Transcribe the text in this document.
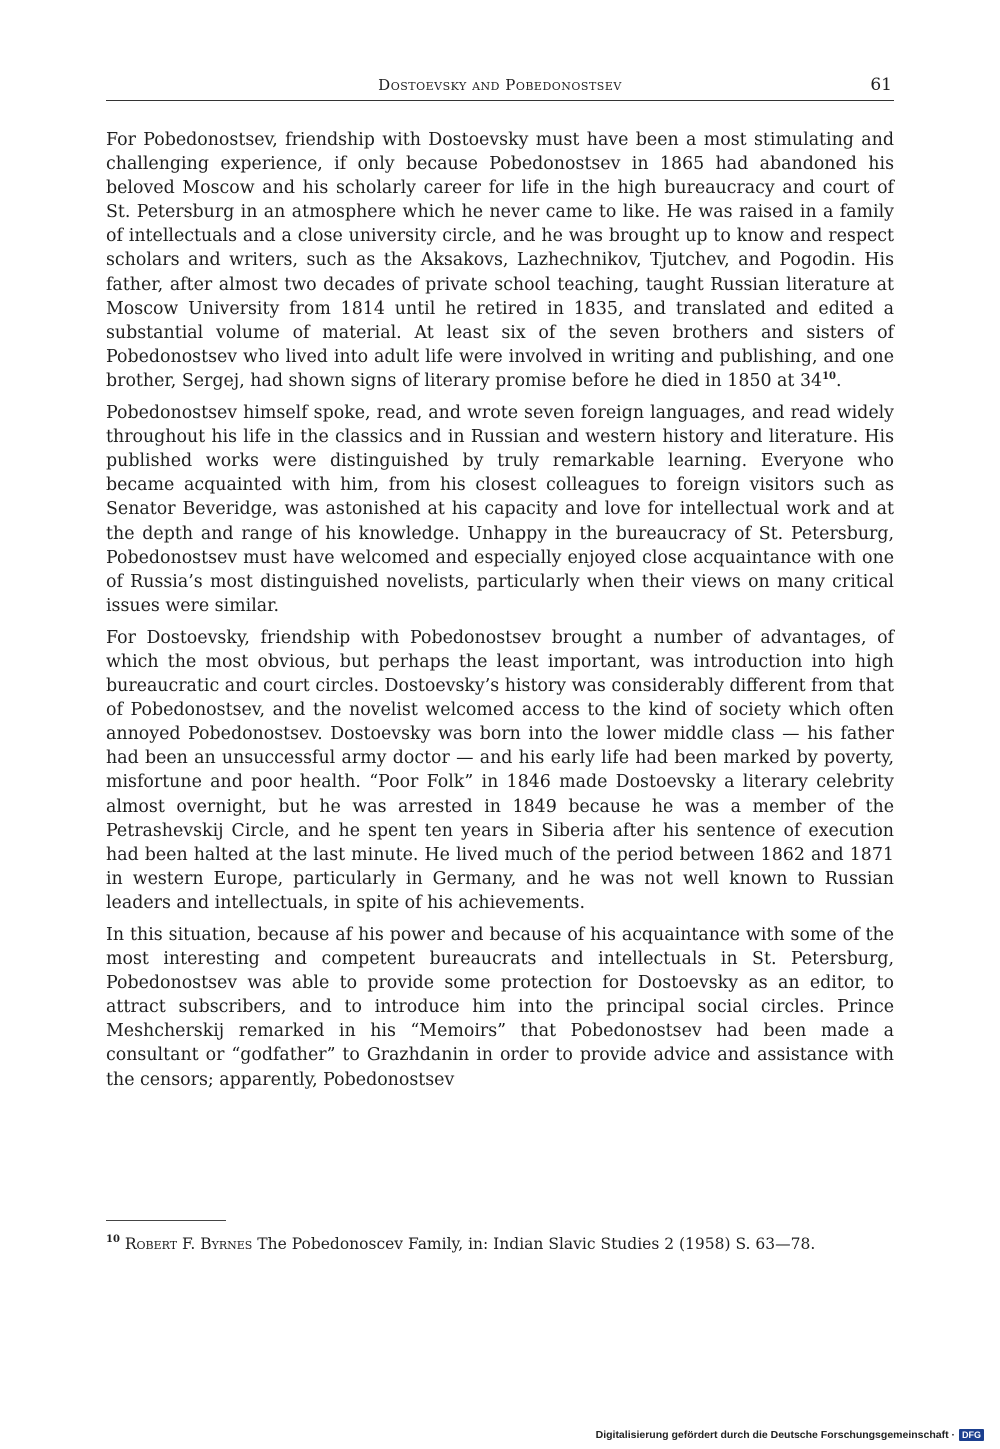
Dostoevsky and Pobedonostsev	61

For Pobedonostsev, friendship with Dostoevsky must have been a most stimulating and challenging experience, if only because Pobedonostsev in 1865 had abandoned his beloved Moscow and his scholarly career for life in the high bureaucracy and court of St. Petersburg in an atmosphere which he never came to like. He was raised in a family of intellectuals and a close university circle, and he was brought up to know and respect scholars and writers, such as the Aksakovs, Lazhechnikov, Tjutchev, and Pogodin. His father, after almost two decades of private school teaching, taught Russian literature at Moscow University from 1814 until he retired in 1835, and translated and edited a substantial volume of material. At least six of the seven brothers and sisters of Pobedonostsev who lived into adult life were involved in writing and publishing, and one brother, Sergej, had shown signs of literary promise before he died in 1850 at $34^{10}$.

Pobedonostsev himself spoke, read, and wrote seven foreign languages, and read widely throughout his life in the classics and in Russian and western history and literature. His published works were distinguished by truly remarkable learning. Everyone who became acquainted with him, from his closest colleagues to foreign visitors such as Senator Beveridge, was astonished at his capacity and love for intellectual work and at the depth and range of his knowledge. Unhappy in the bureaucracy of St. Petersburg, Pobedonostsev must have welcomed and especially enjoyed close acquaintance with one of Russia’s most distinguished novelists, particularly when their views on many critical issues were similar.

For Dostoevsky, friendship with Pobedonostsev brought a number of advantages, of which the most obvious, but perhaps the least important, was introduction into high bureaucratic and court circles. Dostoevsky’s history was considerably different from that of Pobedonostsev, and the novelist welcomed access to the kind of society which often annoyed Pobedonostsev. Dostoevsky was born into the lower middle class — his father had been an unsuccessful army doctor — and his early life had been marked by poverty, misfortune and poor health. “Poor Folk” in 1846 made Dostoevsky a literary celebrity almost overnight, but he was arrested in 1849 because he was a member of the Petrashevskij Circle, and he spent ten years in Siberia after his sentence of execution had been halted at the last minute. He lived much of the period between 1862 and 1871 in western Europe, particularly in Germany, and he was not well known to Russian leaders and intellectuals, in spite of his achievements.

In this situation, because af his power and because of his acquaintance with some of the most interesting and competent bureaucrats and intellectuals in St. Petersburg, Pobedonostsev was able to provide some protection for Dostoevsky as an editor, to attract subscribers, and to introduce him into the principal social circles. Prince Meshcherskij remarked in his “Memoirs” that Pobedonostsev had been made a consultant or “godfather” to Grazhdanin in order to provide advice and assistance with the censors; apparently, Pobedonostsev

$^{10}$ Robert F. Byrnes The Pobedonoscev Family, in: Indian Slavic Studies 2 (1958) S. 63—78.
Digitalisierung gefördert durch die Deutsche Forschungsgemeinschaft · DFG
